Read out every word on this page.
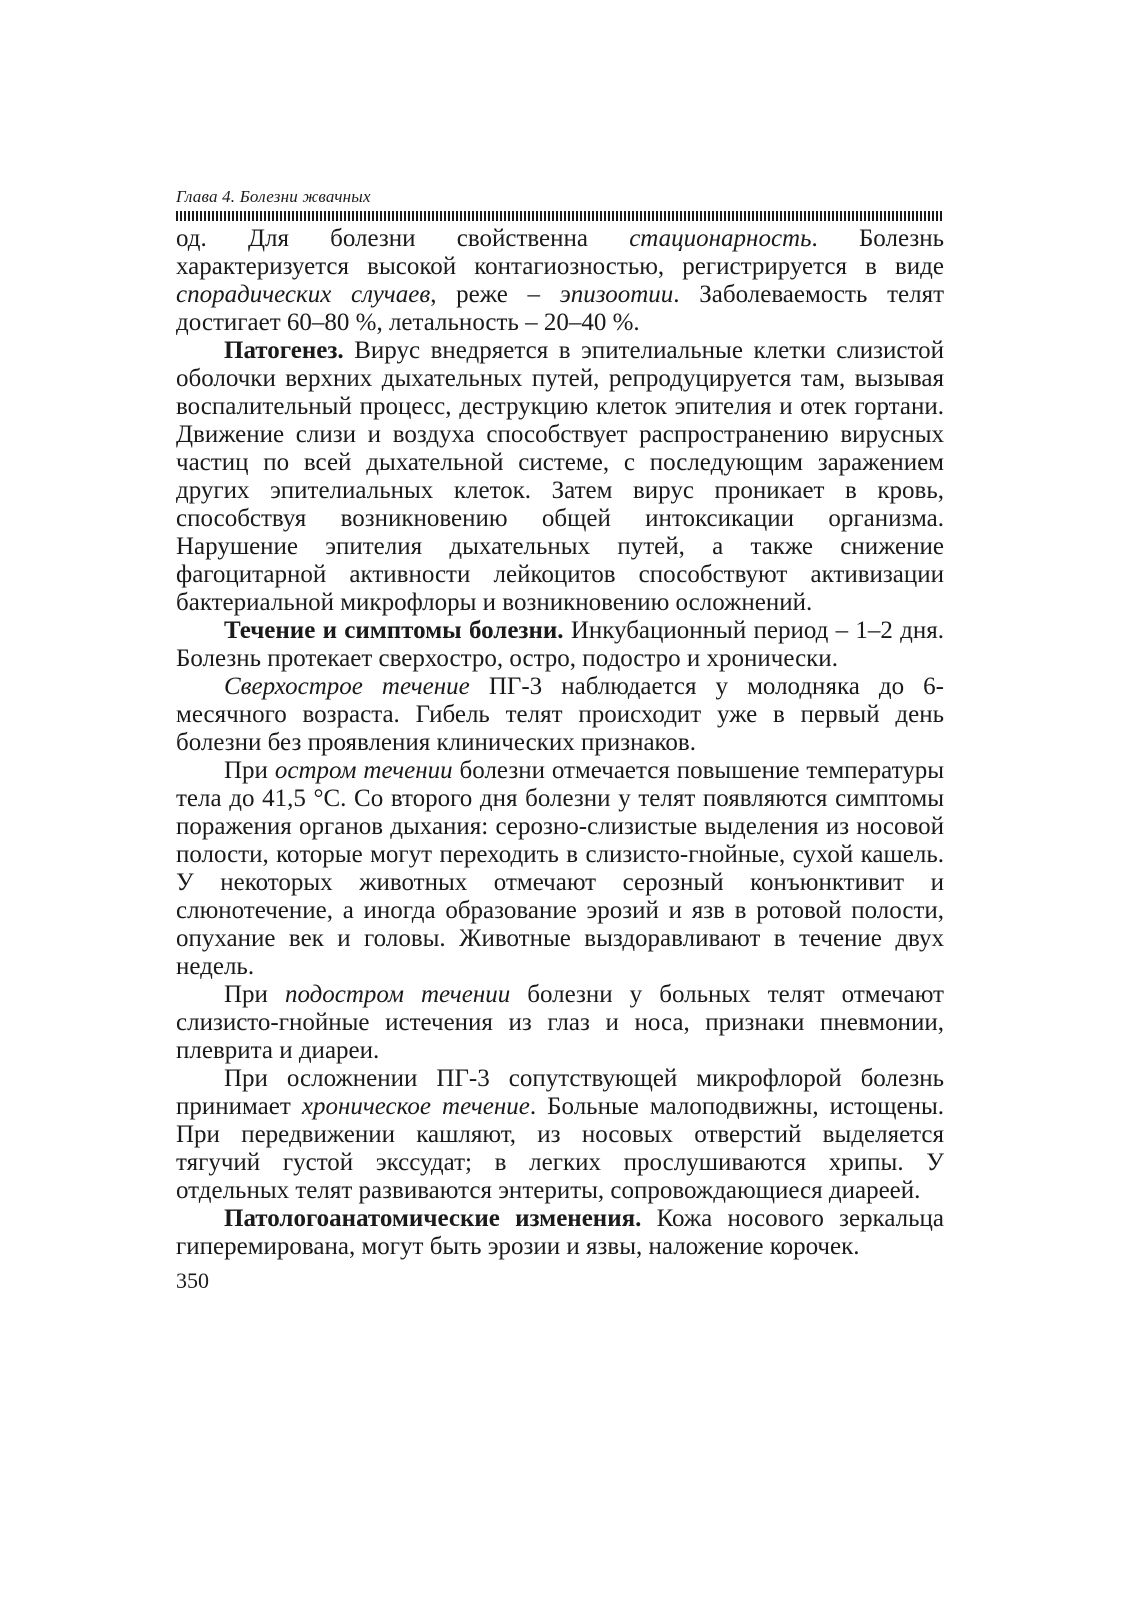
Глава 4. Болезни жвачных

од. Для болезни свойственна стационарность. Болезнь характеризуется высокой контагиозностью, регистрируется в виде спорадических случаев, реже – эпизоотии. Заболеваемость телят достигает 60–80 %, летальность – 20–40 %.

Патогенез. Вирус внедряется в эпителиальные клетки слизистой оболочки верхних дыхательных путей, репродуцируется там, вызывая воспалительный процесс, деструкцию клеток эпителия и отек гортани. Движение слизи и воздуха способствует распространению вирусных частиц по всей дыхательной системе, с последующим заражением других эпителиальных клеток. Затем вирус проникает в кровь, способствуя возникновению общей интоксикации организма. Нарушение эпителия дыхательных путей, а также снижение фагоцитарной активности лейкоцитов способствуют активизации бактериальной микрофлоры и возникновению осложнений.

Течение и симптомы болезни. Инкубационный период – 1–2 дня. Болезнь протекает сверхостро, остро, подостро и хронически.

Сверхострое течение ПГ-3 наблюдается у молодняка до 6-месячного возраста. Гибель телят происходит уже в первый день болезни без проявления клинических признаков.

При остром течении болезни отмечается повышение температуры тела до 41,5 °С. Со второго дня болезни у телят появляются симптомы поражения органов дыхания: серозно-слизистые выделения из носовой полости, которые могут переходить в слизисто-гнойные, сухой кашель. У некоторых животных отмечают серозный конъюнктивит и слюнотечение, а иногда образование эрозий и язв в ротовой полости, опухание век и головы. Животные выздоравливают в течение двух недель.

При подостром течении болезни у больных телят отмечают слизисто-гнойные истечения из глаз и носа, признаки пневмонии, плеврита и диареи.

При осложнении ПГ-3 сопутствующей микрофлорой болезнь принимает хроническое течение. Больные малоподвижны, истощены. При передвижении кашляют, из носовых отверстий выделяется тягучий густой экссудат; в легких прослушиваются хрипы. У отдельных телят развиваются энтериты, сопровождающиеся диареей.

Патологоанатомические изменения. Кожа носового зеркальца гиперемирована, могут быть эрозии и язвы, наложение корочек.

350
